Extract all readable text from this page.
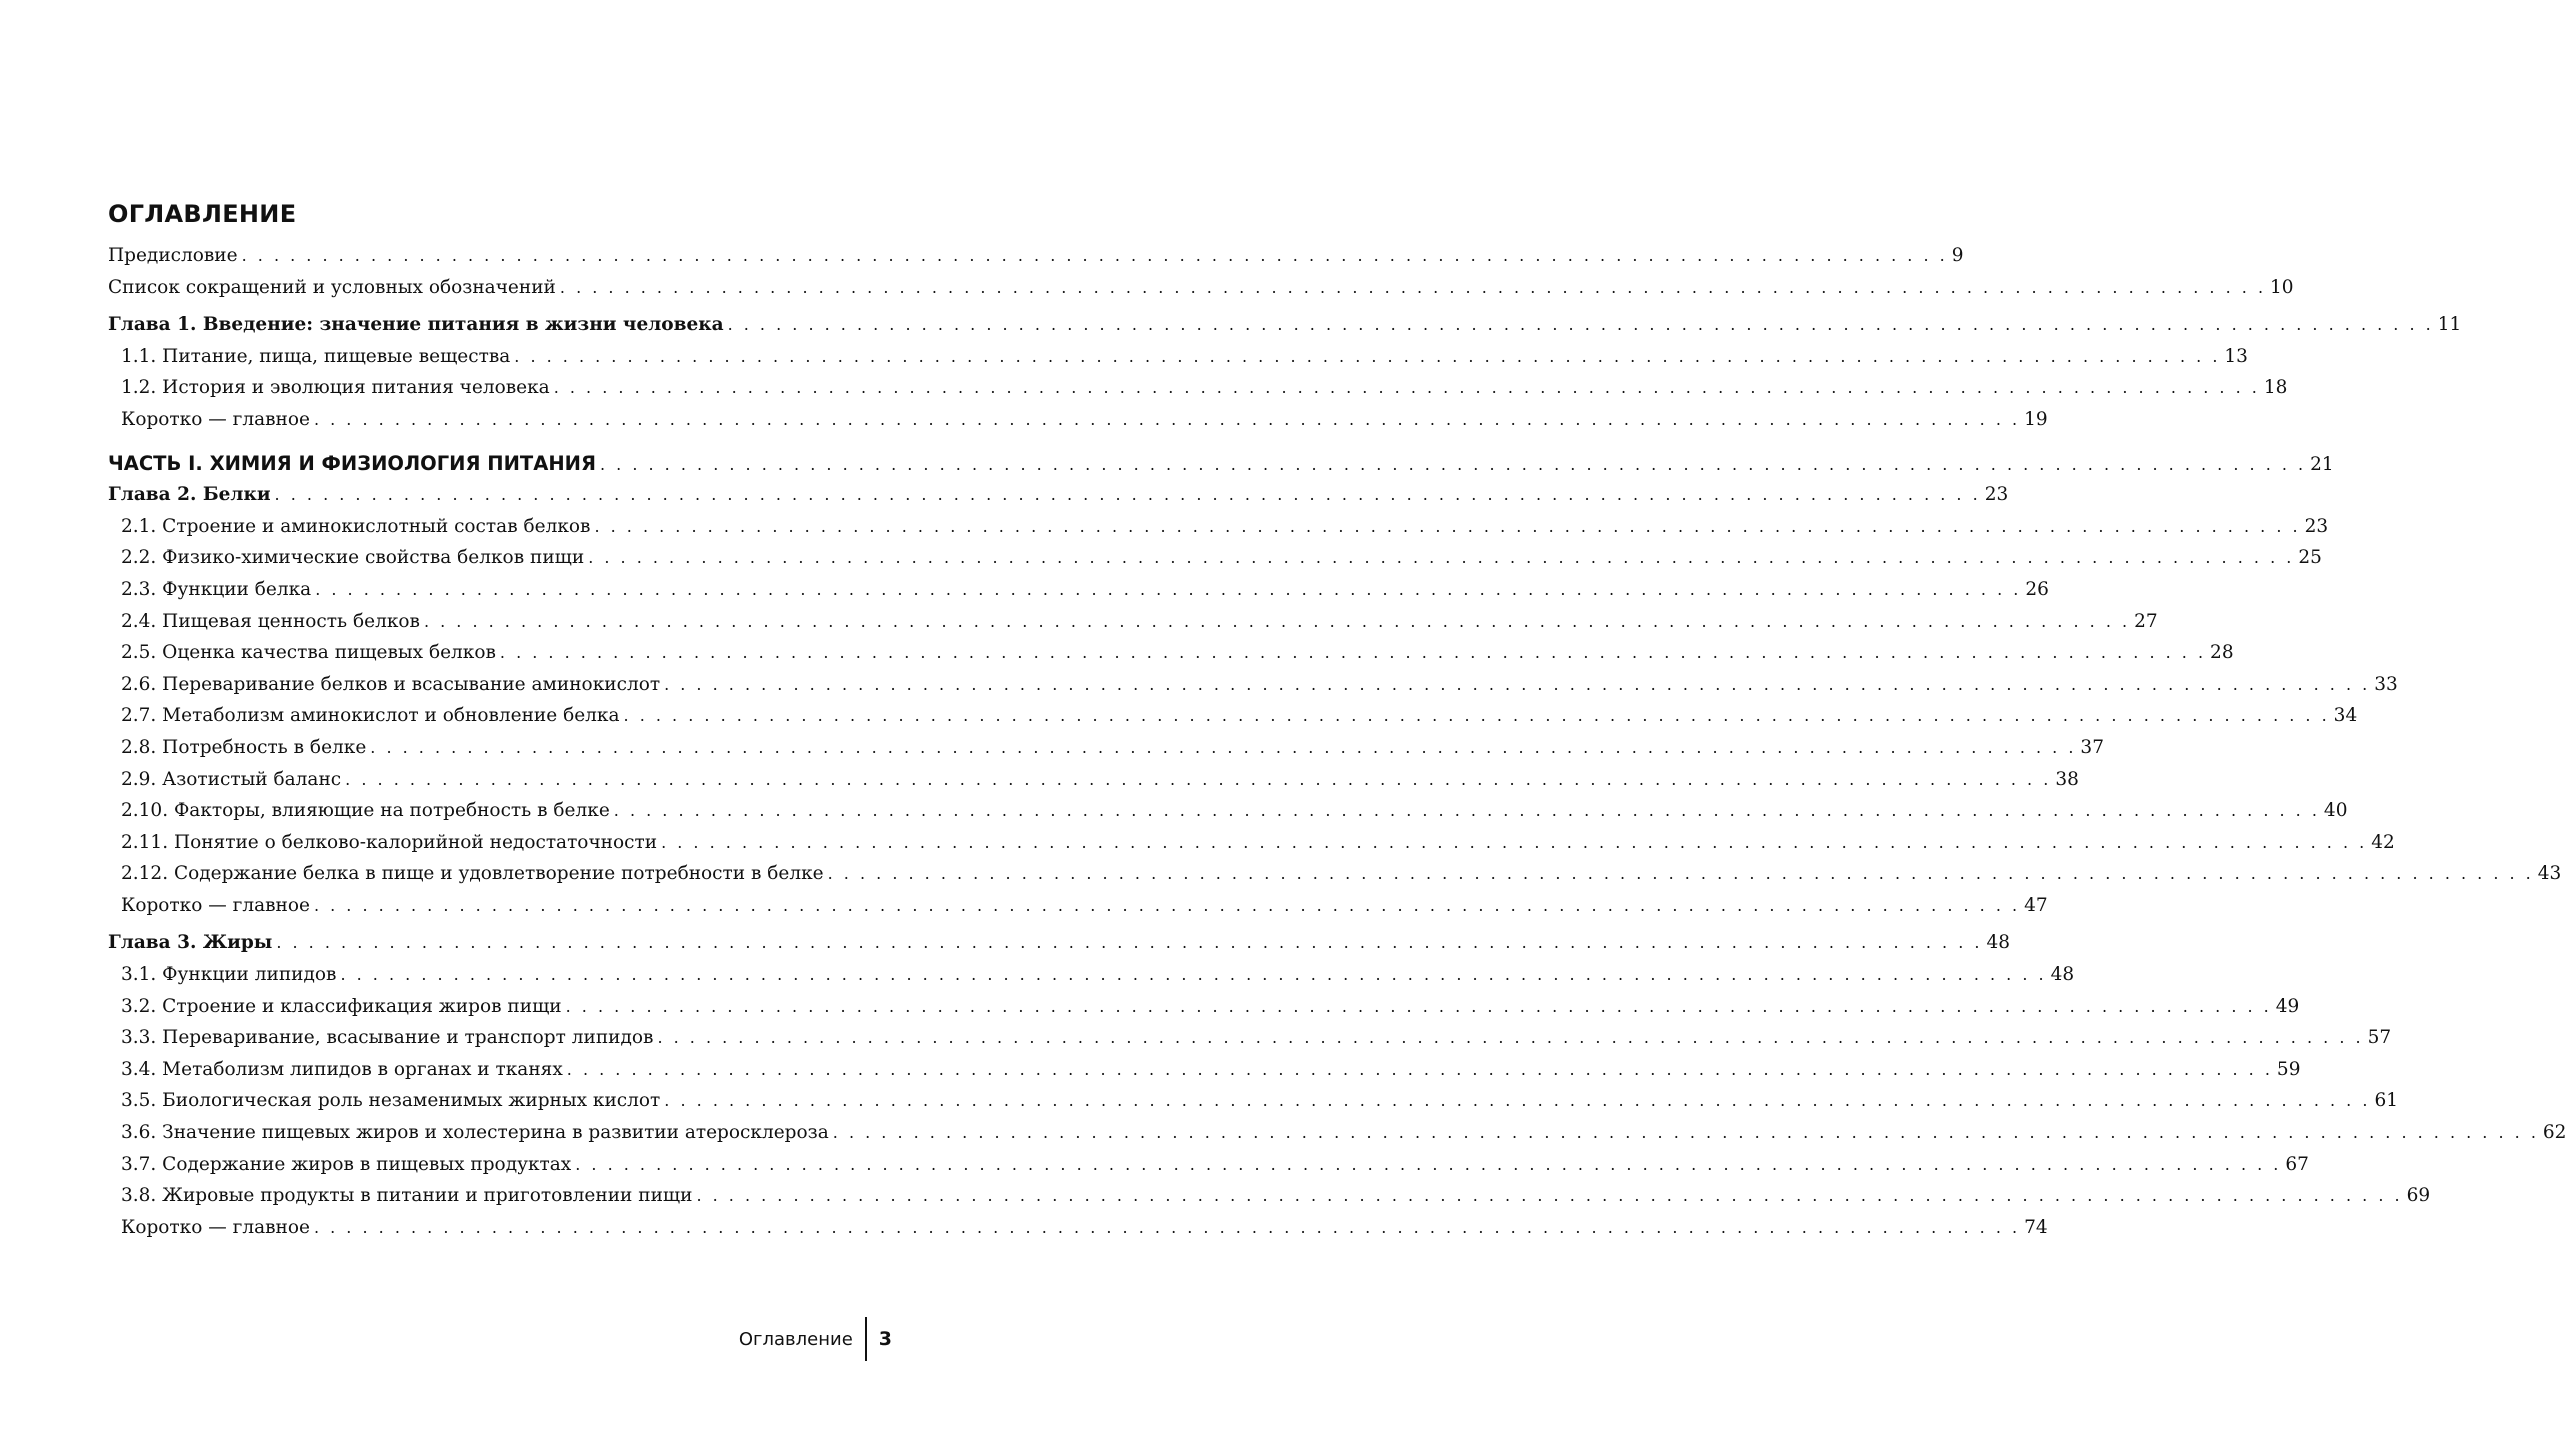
ОГЛАВЛЕНИЕ
Предисловие . . .	9
Список сокращений и условных обозначений . . .	10
Глава 1. Введение: значение питания в жизни человека . . .	11
1.1. Питание, пища, пищевые вещества . . .	13
1.2. История и эволюция питания человека . . .	18
Коротко — главное . . .	19
ЧАСТЬ I. ХИМИЯ И ФИЗИОЛОГИЯ ПИТАНИЯ . . .	21
Глава 2. Белки . . .	23
2.1. Строение и аминокислотный состав белков . . .	23
2.2. Физико-химические свойства белков пищи . . .	25
2.3. Функции белка . . .	26
2.4. Пищевая ценность белков . . .	27
2.5. Оценка качества пищевых белков . . .	28
2.6. Переваривание белков и всасывание аминокислот . . .	33
2.7. Метаболизм аминокислот и обновление белка . . .	34
2.8. Потребность в белке . . .	37
2.9. Азотистый баланс . . .	38
2.10. Факторы, влияющие на потребность в белке . . .	40
2.11. Понятие о белково-калорийной недостаточности . . .	42
2.12. Содержание белка в пище и удовлетворение потребности в белке . . .	43
Коротко — главное . . .	47
Глава 3. Жиры . . .	48
3.1. Функции липидов . . .	48
3.2. Строение и классификация жиров пищи . . .	49
3.3. Переваривание, всасывание и транспорт липидов . . .	57
3.4. Метаболизм липидов в органах и тканях . . .	59
3.5. Биологическая роль незаменимых жирных кислот . . .	61
3.6. Значение пищевых жиров и холестерина в развитии атеросклероза . . .	62
3.7. Содержание жиров в пищевых продуктах . . .	67
3.8. Жировые продукты в питании и приготовлении пищи . . .	69
Коротко — главное . . .	74
Оглавление	3
